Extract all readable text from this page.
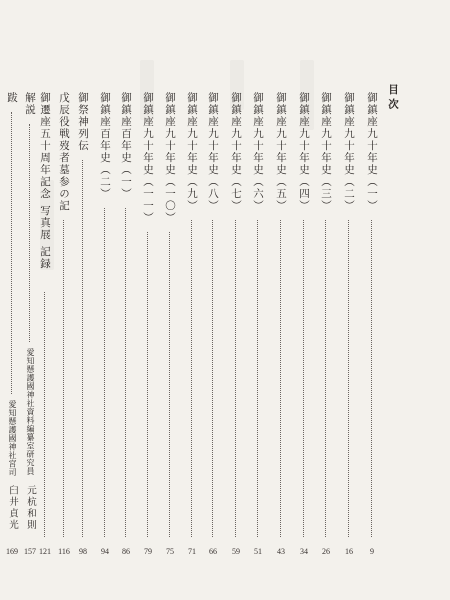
目次
御鎮座九十年史（一）
9
御鎮座九十年史（二）
16
御鎮座九十年史（三）
26
御鎮座九十年史（四）
34
御鎮座九十年史（五）
43
御鎮座九十年史（六）
51
御鎮座九十年史（七）
59
御鎮座九十年史（八）
66
御鎮座九十年史（九）
71
御鎮座九十年史（一〇）
75
御鎮座九十年史（一一）
79
御鎮座百年史（一）
86
御鎮座百年史（二）
94
御祭神列伝
98
戊辰役戦歿者墓参の記
116
御遷座五十周年記念 写真展 記録
121
解説
愛知懸護國神社資料編纂室研究員
元杭和則
157
跋
愛知懸護國神社宮司
臼井貞光
169
